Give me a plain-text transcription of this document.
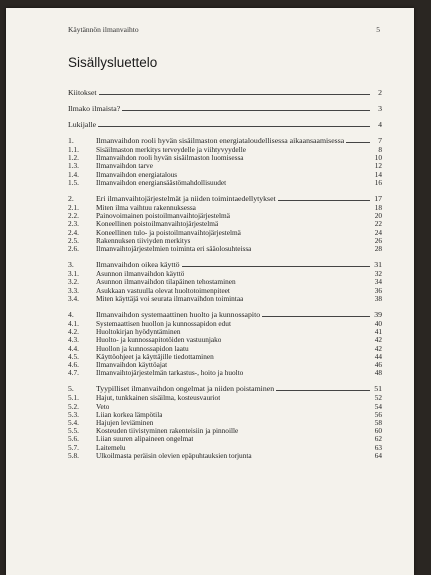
Käytännön ilmanvaihto	5
Sisällysluettelo
Kiitokset	2
Ilmako ilmaista?	3
Lukijalle	4
1.	Ilmanvaihdon rooli hyvän sisäilmaston energiataloudellisessa aikaansaamisessa	7
1.1.	Sisäilmaston merkitys terveydelle ja viihtyvyydelle	8
1.2.	Ilmanvaihdon rooli hyvän sisäilmaston luomisessa	10
1.3.	Ilmanvaihdon tarve	12
1.4.	Ilmanvaihdon energiatalous	14
1.5.	Ilmanvaihdon energiansäästömahdollisuudet	16
2.	Eri ilmanvaihtojärjestelmät ja niiden toimintaedellytykset	17
2.1.	Miten ilma vaihtuu rakennuksessa	18
2.2.	Painovoimainen poistoilmanvaihtojärjestelmä	20
2.3.	Koneellinen poistoilmanvaihtojärjestelmä	22
2.4.	Koneellinen tulo- ja poistoilmanvaihtojärjestelmä	24
2.5.	Rakennuksen tiiviyden merkitys	26
2.6.	Ilmanvaihtojärjestelmien toiminta eri sääolosuhteissa	28
3.	Ilmanvaihdon oikea käyttö	31
3.1.	Asunnon ilmanvaihdon käyttö	32
3.2.	Asunnon ilmanvaihdon tilapäinen tehostaminen	34
3.3.	Asukkaan vastuulla olevat huoltotoimenpiteet	36
3.4.	Miten käyttäjä voi seurata ilmanvaihdon toimintaa	38
4.	Ilmanvaihdon systemaattinen huolto ja kunnossapito	39
4.1.	Systemaattisen huollon ja kunnossapidon edut	40
4.2.	Huoltokirjan hyödyntäminen	41
4.3.	Huolto- ja kunnossapitotöiden vastuunjako	42
4.4.	Huollon ja kunnossapidon laatu	42
4.5.	Käyttöohjeet ja käyttäjille tiedottaminen	44
4.6.	Ilmanvaihdon käyttöajat	46
4.7.	Ilmanvaihtojärjestelmän tarkastus-, hoito ja huolto	48
5.	Tyypilliset ilmanvaihdon ongelmat ja niiden poistaminen	51
5.1.	Hajut, tunkkainen sisäilma, kosteusvauriot	52
5.2.	Veto	54
5.3.	Liian korkea lämpötila	56
5.4.	Hajujen leviäminen	58
5.5.	Kosteuden tiivistyminen rakenteisiin ja pinnoille	60
5.6.	Liian suuren alipaineen ongelmat	62
5.7.	Laitemelu	63
5.8.	Ulkoilmasta peräisin olevien epäpuhtauksien torjunta	64
